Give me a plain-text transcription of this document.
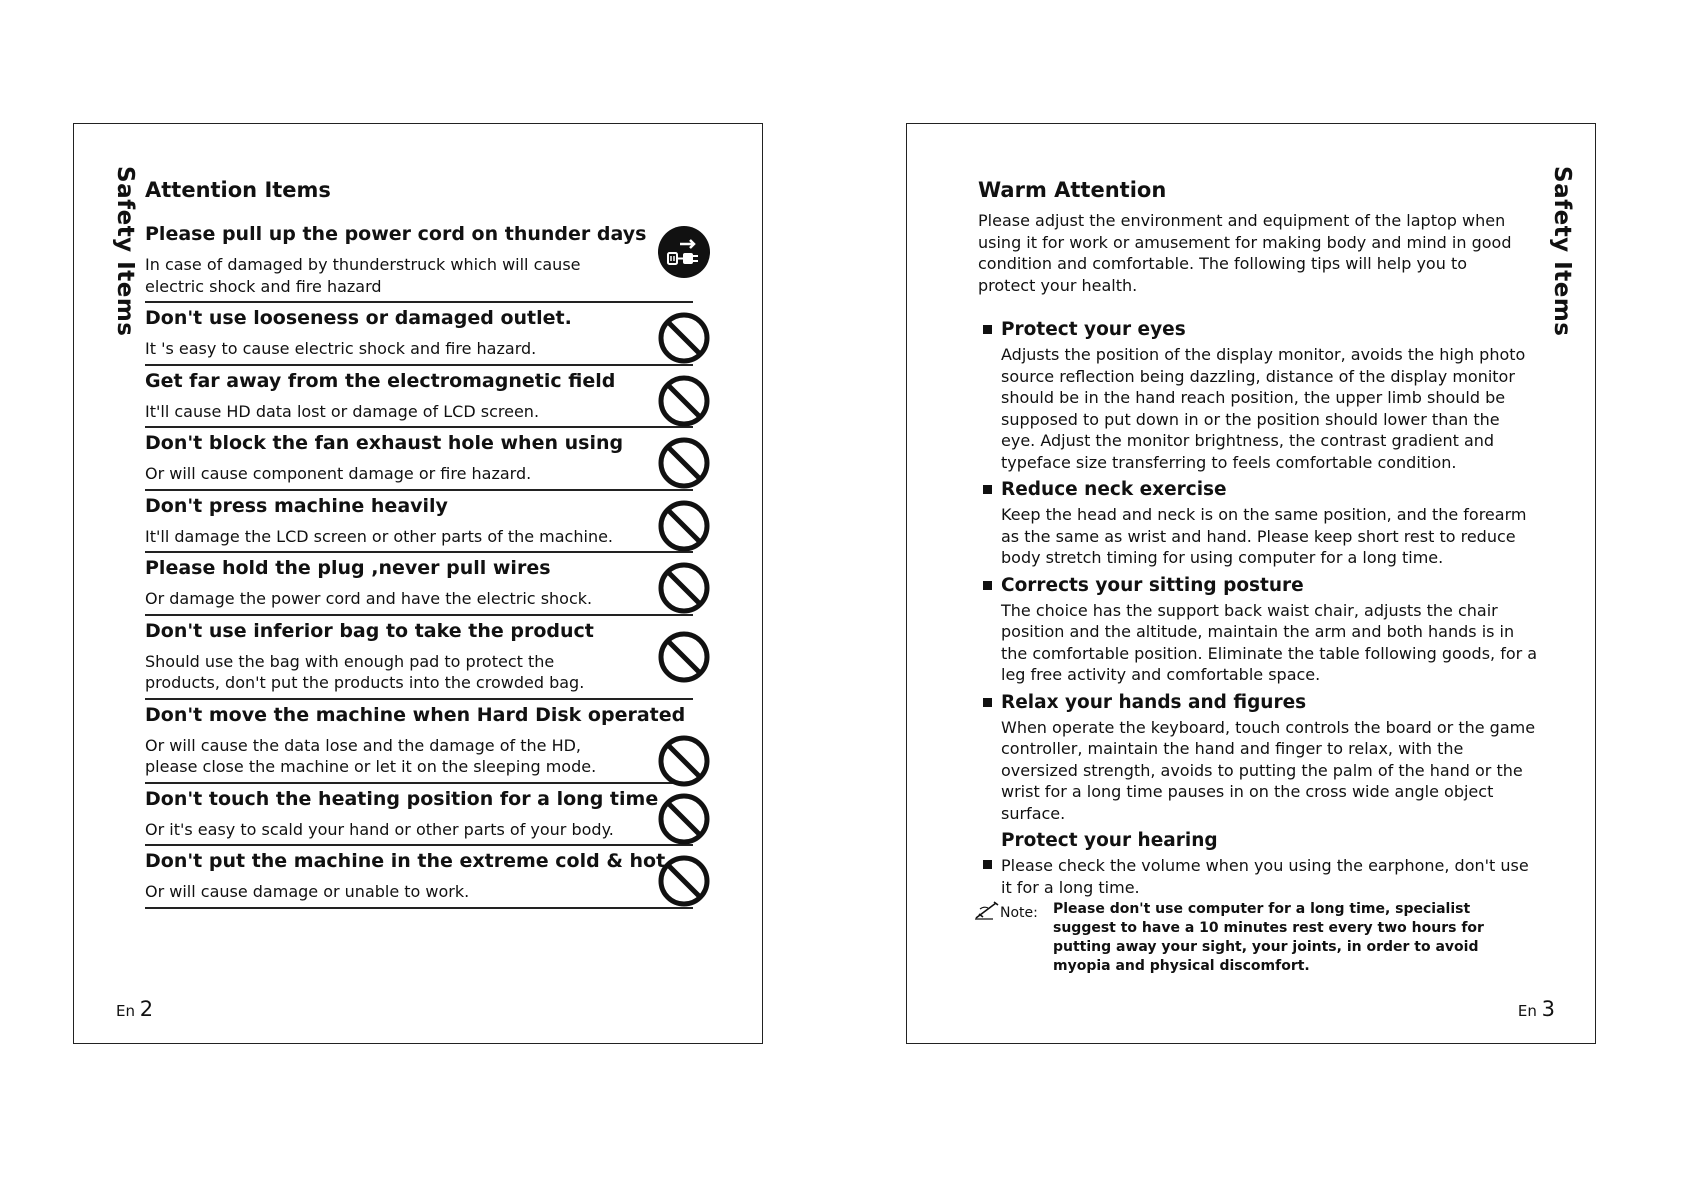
Safety Items Attention Items
Please pull up the power cord on thunder days
In case of damaged by thunderstruck which will cause electric shock and fire hazard
Don't use looseness or damaged outlet.
It 's easy to cause electric shock and fire hazard.
Get far away from the electromagnetic field
It'll cause HD data lost or damage of LCD screen.
Don't block the fan exhaust hole when using
Or will cause component damage or fire hazard.
Don't press machine heavily
It'll damage the LCD screen or other parts of the machine.
Please hold the plug ,never pull wires
Or damage the power cord and have the electric shock.
Don't use inferior bag to take the product
Should use the bag with enough pad to protect the products, don't put the products into the crowded bag.
Don't move the machine when Hard Disk operated
Or will cause the data lose and the damage of the HD, please close the machine or let it on the sleeping mode.
Don't touch the heating position for a long time
Or it's easy to scald your hand or other parts of your body.
Don't put the machine in the extreme cold & hot
Or will cause damage or unable to work.
En 2
Safety Items
Warm Attention
Please adjust the environment and equipment of the laptop when using it for work or amusement for making body and mind in good condition and comfortable. The following tips will help you to protect your health.
Protect your eyes
Adjusts the position of the display monitor, avoids the high photo source reflection being dazzling, distance of the display monitor should be in the hand reach position, the upper limb should be supposed to put down in or the position should lower than the eye. Adjust the monitor brightness, the contrast gradient and typeface size transferring to feels comfortable condition.
Reduce neck exercise
Keep the head and neck is on the same position, and the forearm as the same as wrist and hand. Please keep short rest to reduce body stretch timing for using computer for a long time.
Corrects your sitting posture
The choice has the support back waist chair, adjusts the chair position and the altitude, maintain the arm and both hands is in the comfortable position. Eliminate the table following goods, for a leg free activity and comfortable space.
Relax your hands and figures
When operate the keyboard, touch controls the board or the game controller, maintain the hand and finger to relax, with the oversized strength, avoids to putting the palm of the hand or the wrist for a long time pauses in on the cross wide angle object surface.
Protect your hearing
Please check the volume when you using the earphone, don't use it for a long time.
Note: Please don't use computer for a long time, specialist suggest to have a 10 minutes rest every two hours for putting away your sight, your joints, in order to avoid myopia and physical discomfort.
En 3
